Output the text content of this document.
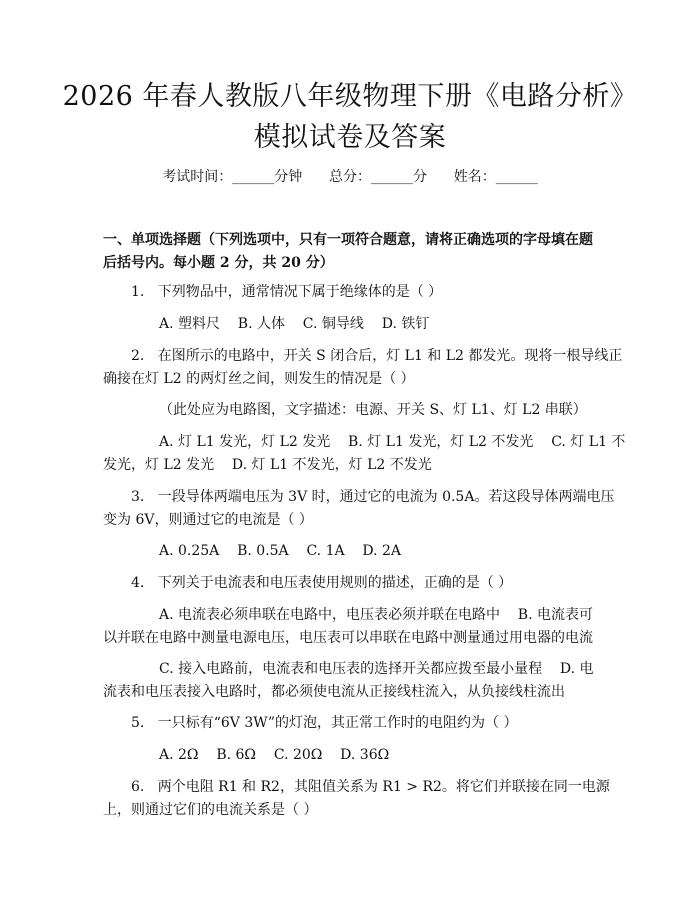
2026 年春人教版八年级物理下册《电路分析》模拟试卷及答案
考试时间：______分钟      总分：______分      姓名：______
一、单项选择题（下列选项中，只有一项符合题意，请将正确选项的字母填在题后括号内。每小题 2 分，共 20 分）
1.   下列物品中，通常情况下属于绝缘体的是（ ）
A. 塑料尺    B. 人体    C. 铜导线    D. 铁钉
2.   在图所示的电路中，开关 S 闭合后，灯 L1 和 L2 都发光。现将一根导线正
确接在灯 L2 的两灯丝之间，则发生的情况是（ ）
（此处应为电路图，文字描述：电源、开关 S、灯 L1、灯 L2 串联）
A. 灯 L1 发光，灯 L2 发光    B. 灯 L1 发光，灯 L2 不发光    C. 灯 L1 不
发光，灯 L2 发光    D. 灯 L1 不发光，灯 L2 不发光
3.   一段导体两端电压为 3V 时，通过它的电流为 0.5A。若这段导体两端电压
变为 6V，则通过它的电流是（ ）
A. 0.25A    B. 0.5A    C. 1A    D. 2A
4.   下列关于电流表和电压表使用规则的描述，正确的是（ ）
A. 电流表必须串联在电路中，电压表必须并联在电路中    B. 电流表可
以并联在电路中测量电源电压，电压表可以串联在电路中测量通过用电器的电流
C. 接入电路前，电流表和电压表的选择开关都应拨至最小量程    D. 电
流表和电压表接入电路时，都必须使电流从正接线柱流入，从负接线柱流出
5.   一只标有“6V 3W”的灯泡，其正常工作时的电阻约为（ ）
A. 2Ω    B. 6Ω    C. 20Ω    D. 36Ω
6.   两个电阻 R1 和 R2，其阻值关系为 R1 > R2。将它们并联接在同一电源
上，则通过它们的电流关系是（ ）
